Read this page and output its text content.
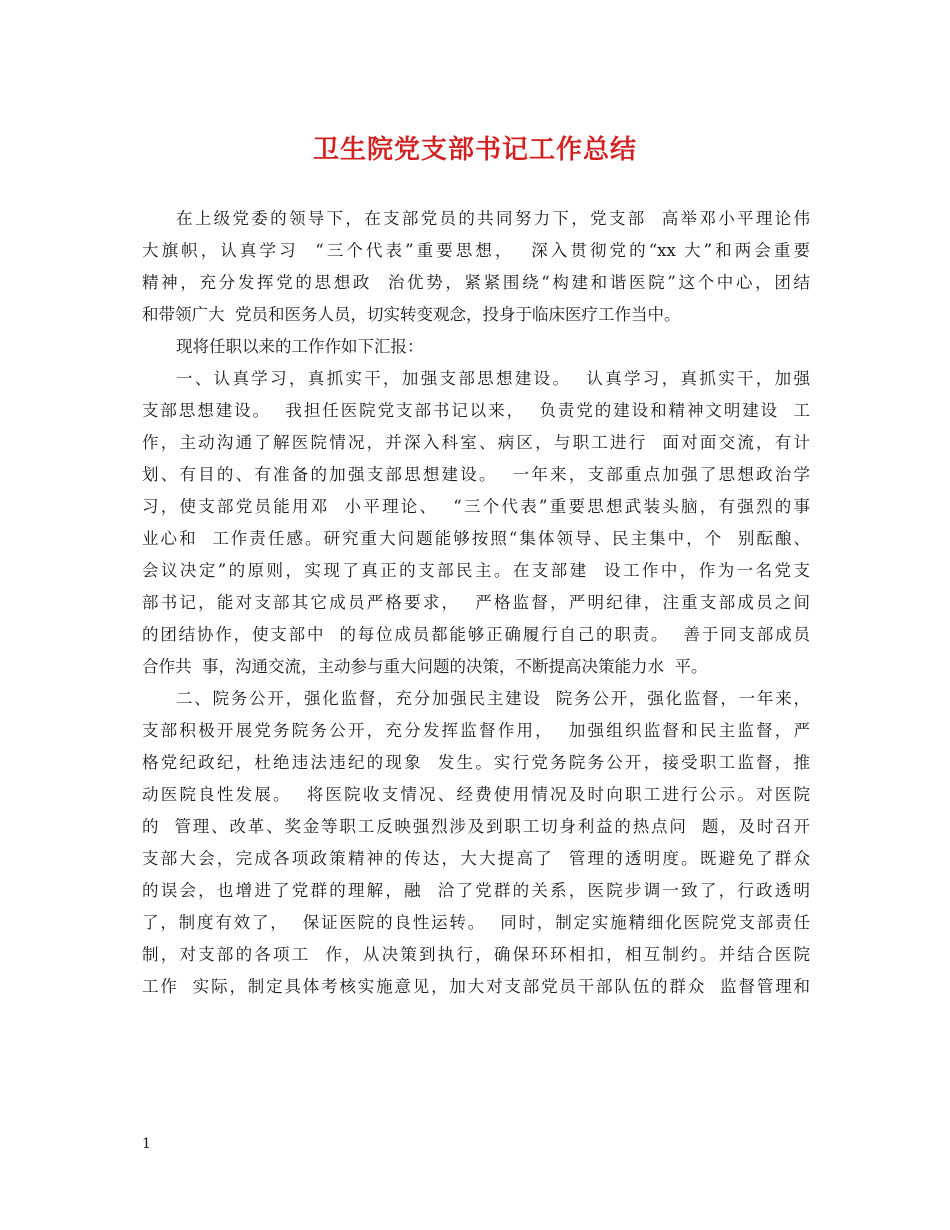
卫生院党支部书记工作总结
在上级党委的领导下，在支部党员的共同努力下，党支部  高举邓小平理论伟
大旗帜，认真学习  “三个代表”重要思想，  深入贯彻党的“xx 大”和两会重要
精神，充分发挥党的思想政  治优势，紧紧围绕“构建和谐医院”这个中心，团结
和带领广大  党员和医务人员，切实转变观念，投身于临床医疗工作当中。
现将任职以来的工作作如下汇报：
一、认真学习，真抓实干，加强支部思想建设。  认真学习，真抓实干，加强
支部思想建设。  我担任医院党支部书记以来，  负责党的建设和精神文明建设  工
作，主动沟通了解医院情况，并深入科室、病区，与职工进行  面对面交流，有计
划、有目的、有准备的加强支部思想建设。  一年来，支部重点加强了思想政治学
习，使支部党员能用邓  小平理论、  “三个代表”重要思想武装头脑，有强烈的事
业心和  工作责任感。研究重大问题能够按照“集体领导、民主集中，个  别酝酿、
会议决定”的原则，实现了真正的支部民主。在支部建  设工作中，作为一名党支
部书记，能对支部其它成员严格要求，  严格监督，严明纪律，注重支部成员之间
的团结协作，使支部中  的每位成员都能够正确履行自己的职责。  善于同支部成员
合作共  事，沟通交流，主动参与重大问题的决策，不断提高决策能力水  平。
二、院务公开，强化监督，充分加强民主建设  院务公开，强化监督，一年来，
支部积极开展党务院务公开，充分发挥监督作用，  加强组织监督和民主监督，严
格党纪政纪，杜绝违法违纪的现象  发生。实行党务院务公开，接受职工监督，推
动医院良性发展。  将医院收支情况、经费使用情况及时向职工进行公示。对医院
的  管理、改革、奖金等职工反映强烈涉及到职工切身利益的热点问  题，及时召开
支部大会，完成各项政策精神的传达，大大提高了  管理的透明度。既避免了群众
的误会，也增进了党群的理解，融  洽了党群的关系，医院步调一致了，行政透明
了，制度有效了，  保证医院的良性运转。  同时，制定实施精细化医院党支部责任
制，对支部的各项工  作，从决策到执行，确保环环相扣，相互制约。并结合医院
工作  实际，制定具体考核实施意见，加大对支部党员干部队伍的群众  监督管理和
1
